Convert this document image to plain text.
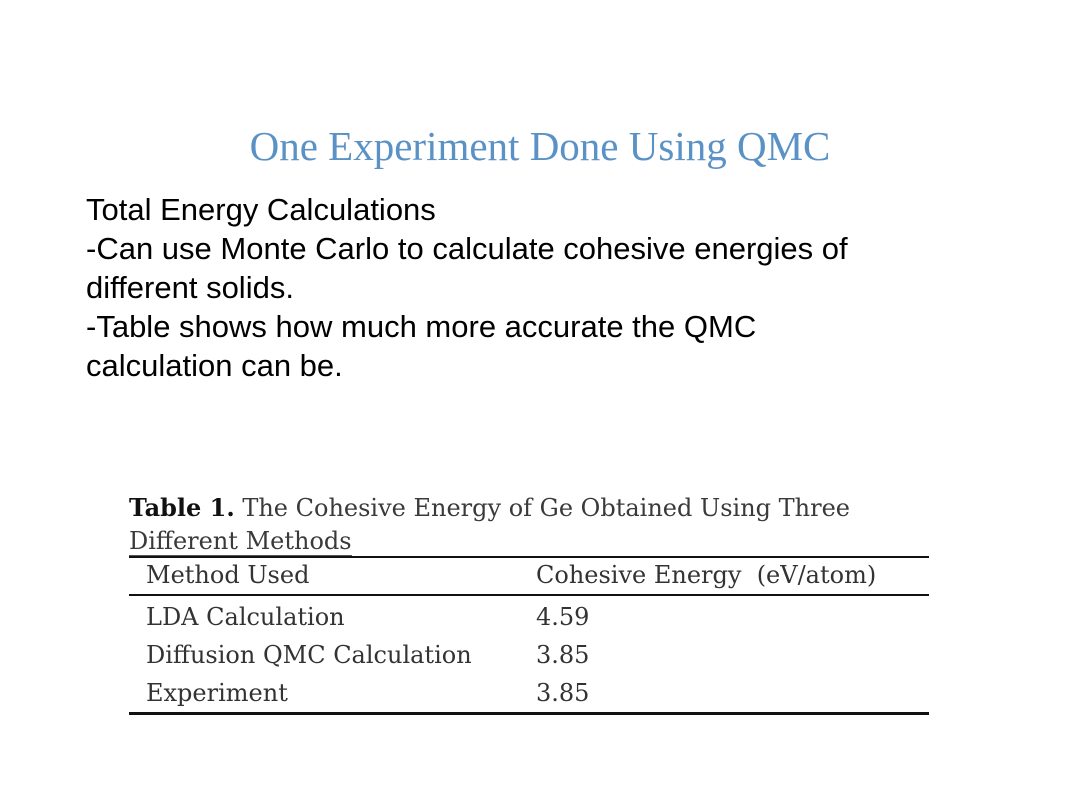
One Experiment Done Using QMC
Total Energy Calculations
-Can use Monte Carlo to calculate cohesive energies of
different solids.
-Table shows how much more accurate the QMC
calculation can be.
Table 1. The Cohesive Energy of Ge Obtained Using Three
Different Methods
Method Used	Cohesive Energy  (eV/atom)
LDA Calculation	4.59
Diffusion QMC Calculation	3.85
Experiment	3.85
